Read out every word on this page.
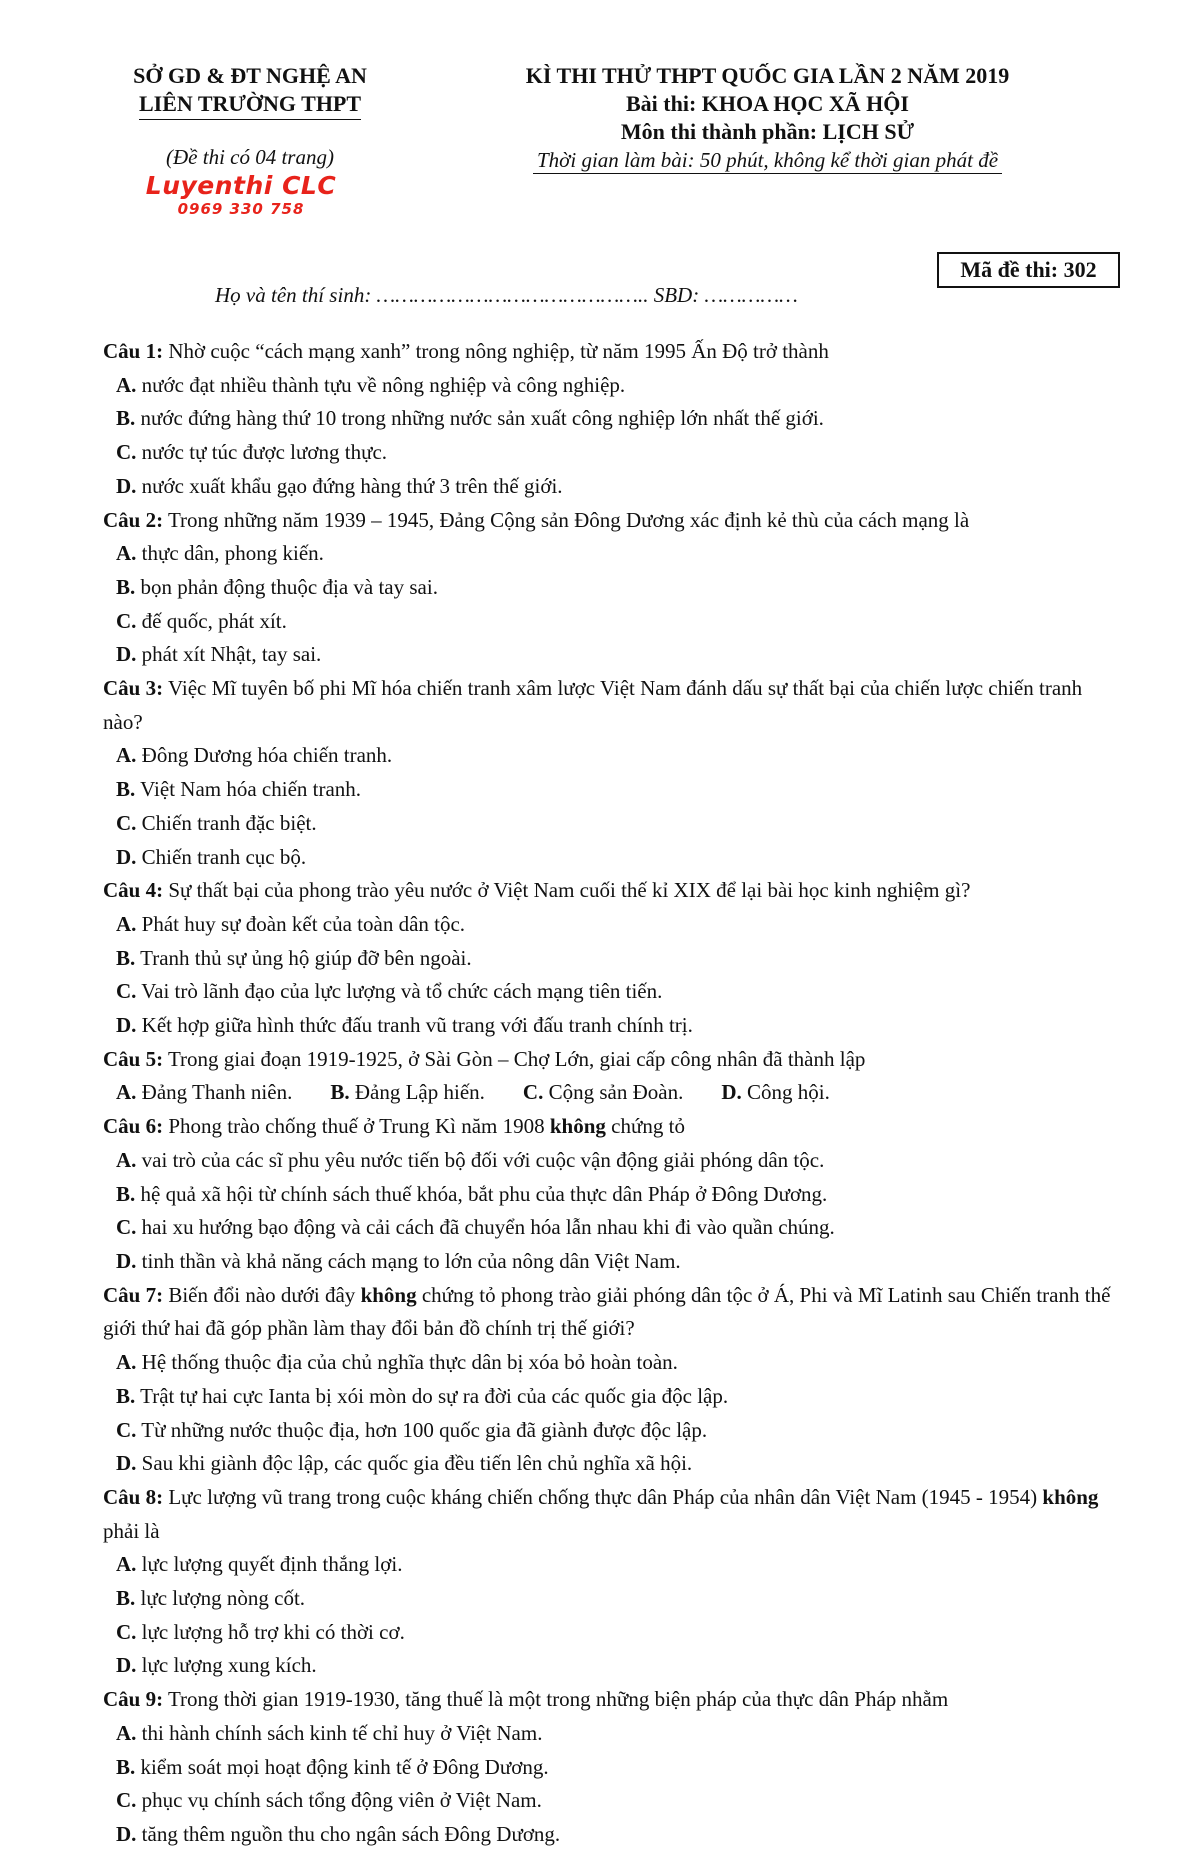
SỞ GD & ĐT NGHỆ AN
LIÊN TRƯỜNG THPT
(Đề thi có 04 trang)
Luyenthi CLC
0969 330 758
KÌ THI THỬ THPT QUỐC GIA LẦN 2 NĂM 2019
Bài thi: KHOA HỌC XÃ HỘI
Môn thi thành phần: LỊCH SỬ
Thời gian làm bài: 50 phút, không kể thời gian phát đề
Mã đề thi: 302
Họ và tên thí sinh: …………………………………….. SBD: ……………
Câu 1: Nhờ cuộc “cách mạng xanh” trong nông nghiệp, từ năm 1995 Ấn Độ trở thành
A. nước đạt nhiều thành tựu về nông nghiệp và công nghiệp.
B. nước đứng hàng thứ 10 trong những nước sản xuất công nghiệp lớn nhất thế giới.
C. nước tự túc được lương thực.
D. nước xuất khẩu gạo đứng hàng thứ 3 trên thế giới.
Câu 2: Trong những năm 1939 – 1945, Đảng Cộng sản Đông Dương xác định kẻ thù của cách mạng là
A. thực dân, phong kiến.
B. bọn phản động thuộc địa và tay sai.
C. đế quốc, phát xít.
D. phát xít Nhật, tay sai.
Câu 3: Việc Mĩ tuyên bố phi Mĩ hóa chiến tranh xâm lược Việt Nam đánh dấu sự thất bại của chiến lược chiến tranh nào?
A. Đông Dương hóa chiến tranh.
B. Việt Nam hóa chiến tranh.
C. Chiến tranh đặc biệt.
D. Chiến tranh cục bộ.
Câu 4: Sự thất bại của phong trào yêu nước ở Việt Nam cuối thế kỉ XIX để lại bài học kinh nghiệm gì?
A. Phát huy sự đoàn kết của toàn dân tộc.
B. Tranh thủ sự ủng hộ giúp đỡ bên ngoài.
C. Vai trò lãnh đạo của lực lượng và tổ chức cách mạng tiên tiến.
D. Kết hợp giữa hình thức đấu tranh vũ trang với đấu tranh chính trị.
Câu 5: Trong giai đoạn 1919-1925, ở Sài Gòn – Chợ Lớn, giai cấp công nhân đã thành lập
A. Đảng Thanh niên. B. Đảng Lập hiến. C. Cộng sản Đoàn. D. Công hội.
Câu 6: Phong trào chống thuế ở Trung Kì năm 1908 không chứng tỏ
A. vai trò của các sĩ phu yêu nước tiến bộ đối với cuộc vận động giải phóng dân tộc.
B. hệ quả xã hội từ chính sách thuế khóa, bắt phu của thực dân Pháp ở Đông Dương.
C. hai xu hướng bạo động và cải cách đã chuyển hóa lẫn nhau khi đi vào quần chúng.
D. tinh thần và khả năng cách mạng to lớn của nông dân Việt Nam.
Câu 7: Biến đổi nào dưới đây không chứng tỏ phong trào giải phóng dân tộc ở Á, Phi và Mĩ Latinh sau Chiến tranh thế giới thứ hai đã góp phần làm thay đổi bản đồ chính trị thế giới?
A. Hệ thống thuộc địa của chủ nghĩa thực dân bị xóa bỏ hoàn toàn.
B. Trật tự hai cực Ianta bị xói mòn do sự ra đời của các quốc gia độc lập.
C. Từ những nước thuộc địa, hơn 100 quốc gia đã giành được độc lập.
D. Sau khi giành độc lập, các quốc gia đều tiến lên chủ nghĩa xã hội.
Câu 8: Lực lượng vũ trang trong cuộc kháng chiến chống thực dân Pháp của nhân dân Việt Nam (1945 - 1954) không phải là
A. lực lượng quyết định thắng lợi.
B. lực lượng nòng cốt.
C. lực lượng hỗ trợ khi có thời cơ.
D. lực lượng xung kích.
Câu 9: Trong thời gian 1919-1930, tăng thuế là một trong những biện pháp của thực dân Pháp nhằm
A. thi hành chính sách kinh tế chỉ huy ở Việt Nam.
B. kiểm soát mọi hoạt động kinh tế ở Đông Dương.
C. phục vụ chính sách tổng động viên ở Việt Nam.
D. tăng thêm nguồn thu cho ngân sách Đông Dương.
